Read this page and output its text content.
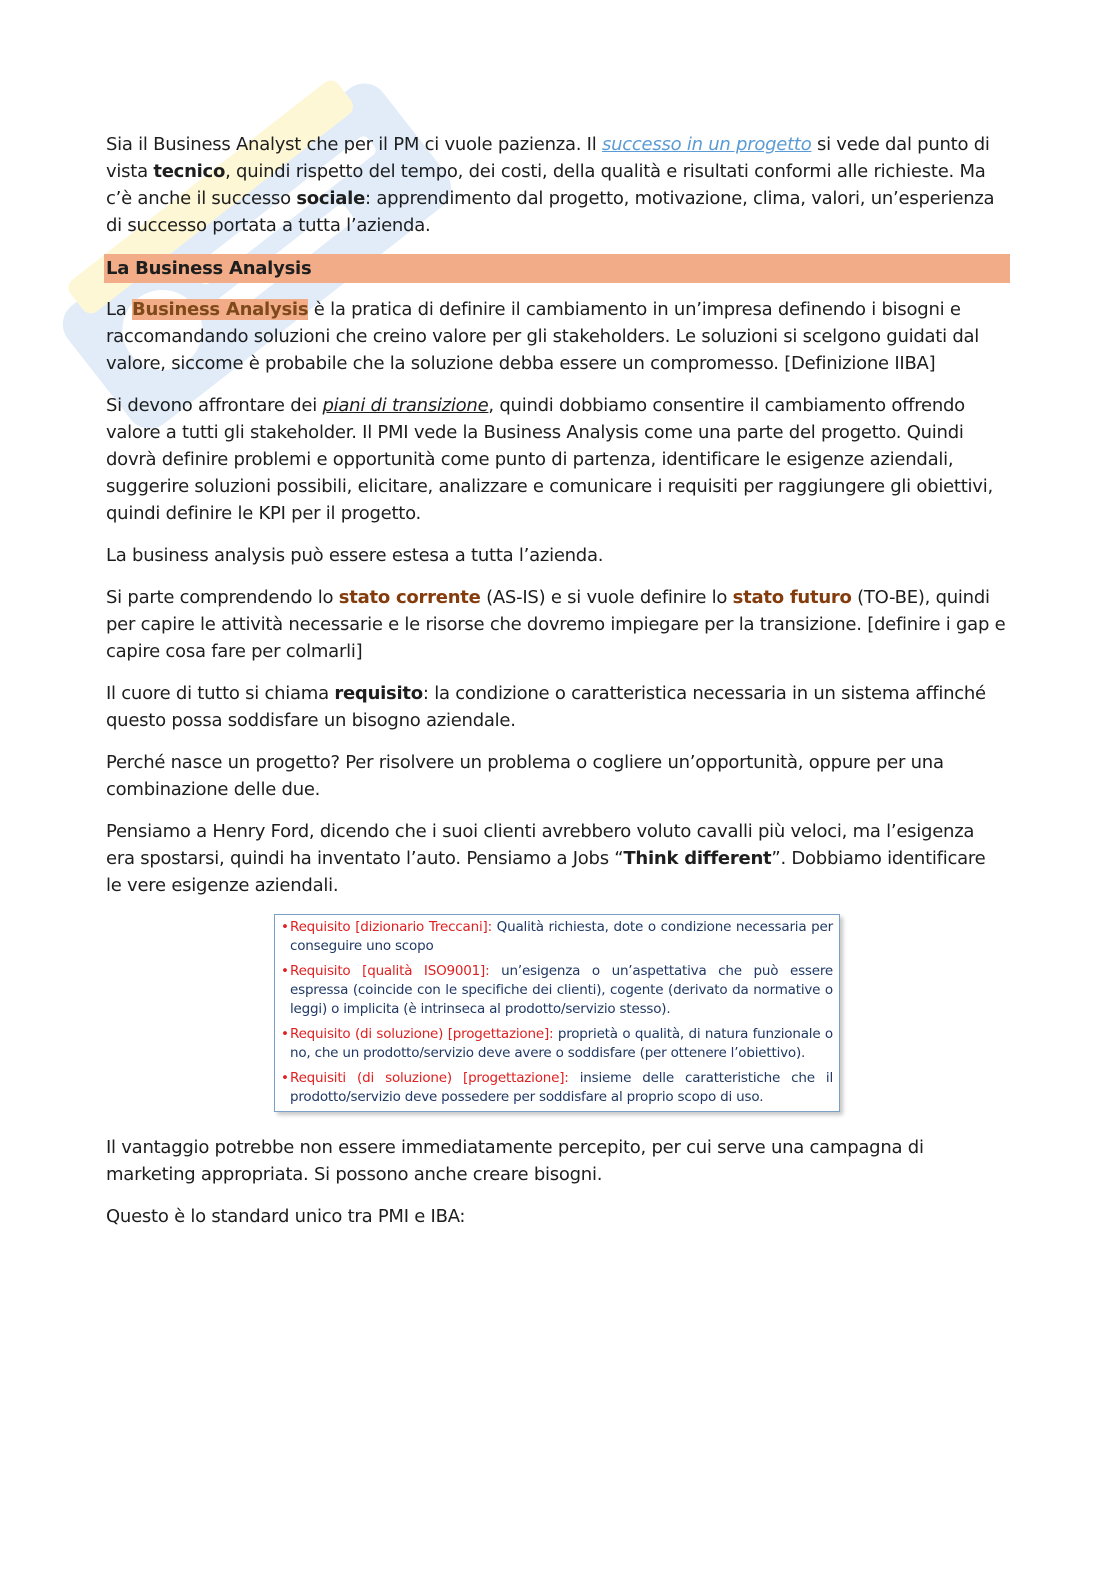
Sia il Business Analyst che per il PM ci vuole pazienza. Il successo in un progetto si vede dal punto di vista tecnico, quindi rispetto del tempo, dei costi, della qualità e risultati conformi alle richieste. Ma c’è anche il successo sociale: apprendimento dal progetto, motivazione, clima, valori, un’esperienza di successo portata a tutta l’azienda.

La Business Analysis

La Business Analysis è la pratica di definire il cambiamento in un’impresa definendo i bisogni e raccomandando soluzioni che creino valore per gli stakeholders. Le soluzioni si scelgono guidati dal valore, siccome è probabile che la soluzione debba essere un compromesso. [Definizione IIBA]

Si devono affrontare dei piani di transizione, quindi dobbiamo consentire il cambiamento offrendo valore a tutti gli stakeholder. Il PMI vede la Business Analysis come una parte del progetto. Quindi dovrà definire problemi e opportunità come punto di partenza, identificare le esigenze aziendali, suggerire soluzioni possibili, elicitare, analizzare e comunicare i requisiti per raggiungere gli obiettivi, quindi definire le KPI per il progetto.

La business analysis può essere estesa a tutta l’azienda.

Si parte comprendendo lo stato corrente (AS-IS) e si vuole definire lo stato futuro (TO-BE), quindi per capire le attività necessarie e le risorse che dovremo impiegare per la transizione. [definire i gap e capire cosa fare per colmarli]

Il cuore di tutto si chiama requisito: la condizione o caratteristica necessaria in un sistema affinché questo possa soddisfare un bisogno aziendale.

Perché nasce un progetto? Per risolvere un problema o cogliere un’opportunità, oppure per una combinazione delle due.

Pensiamo a Henry Ford, dicendo che i suoi clienti avrebbero voluto cavalli più veloci, ma l’esigenza era spostarsi, quindi ha inventato l’auto. Pensiamo a Jobs “Think different”. Dobbiamo identificare le vere esigenze aziendali.

• Requisito [dizionario Treccani]: Qualità richiesta, dote o condizione necessaria per conseguire uno scopo
• Requisito [qualità ISO9001]: un’esigenza o un’aspettativa che può essere espressa (coincide con le specifiche dei clienti), cogente (derivato da normative o leggi) o implicita (è intrinseca al prodotto/servizio stesso).
• Requisito (di soluzione) [progettazione]: proprietà o qualità, di natura funzionale o no, che un prodotto/servizio deve avere o soddisfare (per ottenere l’obiettivo).
• Requisiti (di soluzione) [progettazione]: insieme delle caratteristiche che il prodotto/servizio deve possedere per soddisfare al proprio scopo di uso.

Il vantaggio potrebbe non essere immediatamente percepito, per cui serve una campagna di marketing appropriata. Si possono anche creare bisogni.

Questo è lo standard unico tra PMI e IBA:
